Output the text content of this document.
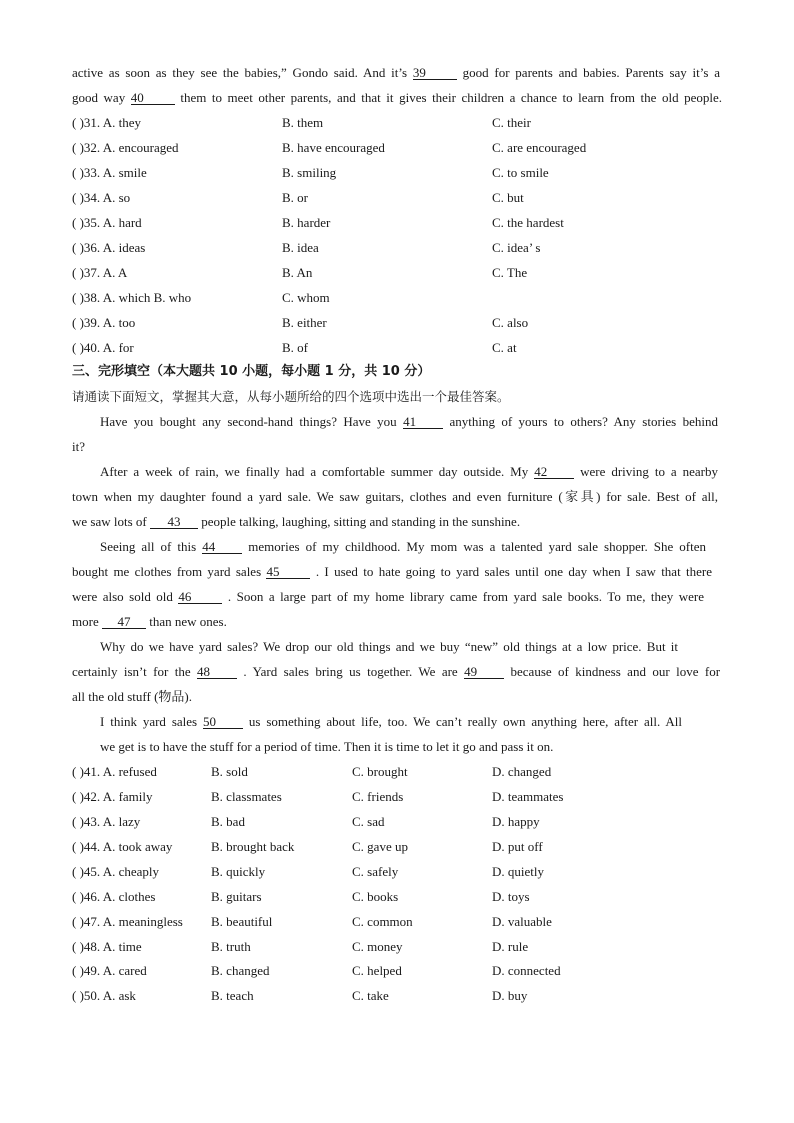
active as soon as they see the babies,” Gondo said. And it’s 39	good for parents and babies. Parents say it’s a
good way 40	them to meet other parents, and that it gives their children a chance to learn from the old people.
( )31. A. they	B. them	C. their
( )32. A. encouraged	B. have encouraged	C. are encouraged
( )33. A. smile	B. smiling	C. to smile
( )34. A. so	B. or	C. but
( )35. A. hard	B. harder	C. the hardest
( )36. A. ideas	B. idea	C. idea’ s
( )37. A. A	B. An	C. The
( )38. A. which B. who	C. whom
( )39. A. too	B. either	C. also
( )40. A. for	B. of	C. at
三、完形填空（本大题共 10 小题，每小题 1 分，共 10 分）
请通读下面短文，掌握其大意，从每小题所给的四个选项中选出一个最佳答案。
Have you bought any second-hand things? Have you 41	anything of yours to others? Any stories behind
it?
After a week of rain, we finally had a comfortable summer day outside. My 42	were driving to a nearby
town when my daughter found a yard sale. We saw guitars, clothes and even furniture (家具) for sale. Best of all,
we saw lots of 43 people talking, laughing, sitting and standing in the sunshine.
Seeing all of this 44	memories of my childhood. My mom was a talented yard sale shopper. She often
bought me clothes from yard sales 45	. I used to hate going to yard sales until one day when I saw that there
were also sold old 46	. Soon a large part of my home library came from yard sale books. To me, they were
more 47 than new ones.
Why do we have yard sales? We drop our old things and we buy “new” old things at a low price. But it
certainly isn’t for the 48	. Yard sales bring us together. We are 49	because of kindness and our love for
all the old stuff (物品).
I think yard sales 50	us something about life, too. We can’t really own anything here, after all. All
we get is to have the stuff for a period of time. Then it is time to let it go and pass it on.
( )41. A. refused	B. sold	C. brought	D. changed
( )42. A. family	B. classmates	C. friends	D. teammates
( )43. A. lazy	B. bad	C. sad	D. happy
( )44. A. took away	B. brought back	C. gave up	D. put off
( )45. A. cheaply	B. quickly	C. safely	D. quietly
( )46. A. clothes	B. guitars	C. books	D. toys
( )47. A. meaningless B. beautiful	C. common	D. valuable
( )48. A. time	B. truth	C. money	D. rule
( )49. A. cared	B. changed	C. helped	D. connected
( )50. A. ask	B. teach	C. take	D. buy
